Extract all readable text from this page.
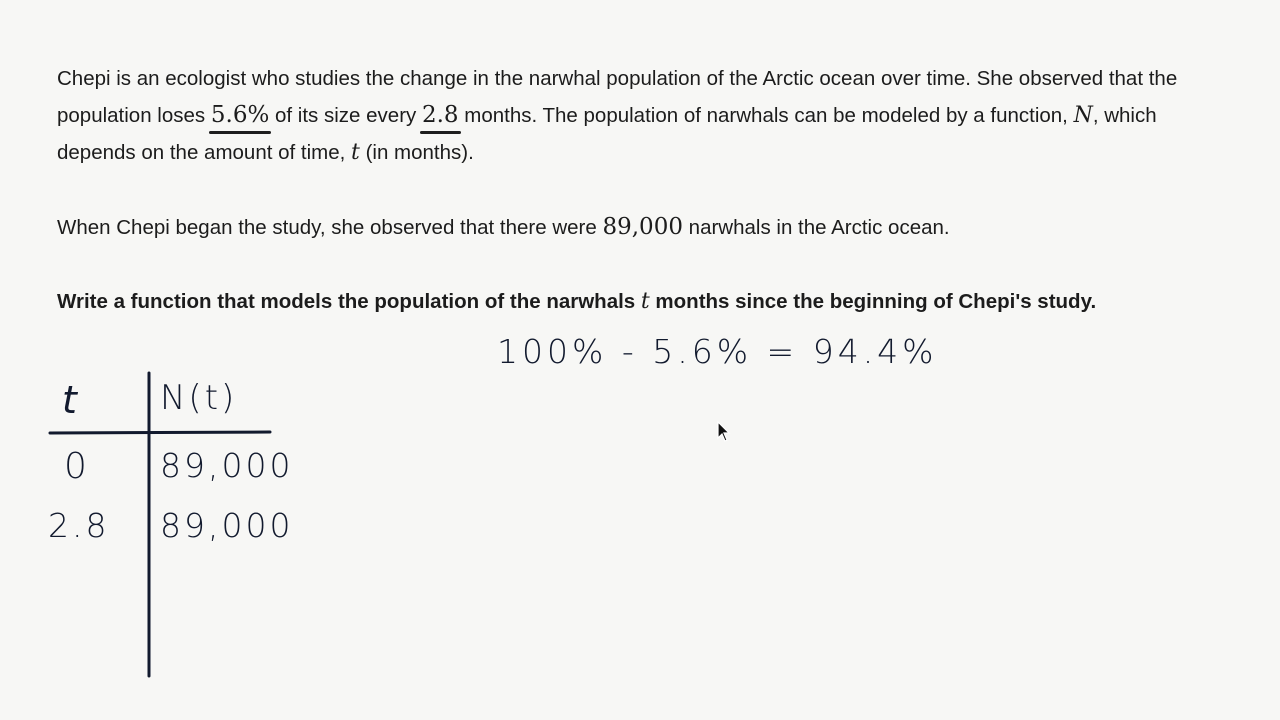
Chepi is an ecologist who studies the change in the narwhal population of the Arctic ocean over time. She observed that the population loses 5.6% of its size every 2.8 months. The population of narwhals can be modeled by a function, N, which depends on the amount of time, t (in months).

When Chepi began the study, she observed that there were 89,000 narwhals in the Arctic ocean.

Write a function that models the population of the narwhals t months since the beginning of Chepi's study.

100% - 5.6% = 94.4%
t N(t)
0 89,000
2.8 89,000
